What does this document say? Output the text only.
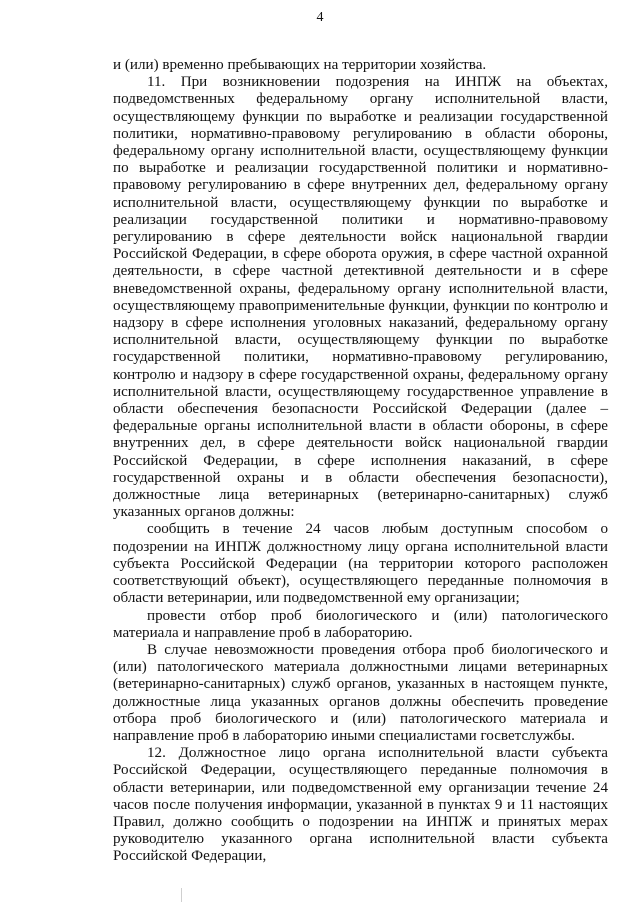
4

и (или) временно пребывающих на территории хозяйства.

11. При возникновении подозрения на ИНПЖ на объектах, подведомственных федеральному органу исполнительной власти, осуществляющему функции по выработке и реализации государственной политики, нормативно-правовому регулированию в области обороны, федеральному органу исполнительной власти, осуществляющему функции по выработке и реализации государственной политики и нормативно-правовому регулированию в сфере внутренних дел, федеральному органу исполнительной власти, осуществляющему функции по выработке и реализации государственной политики и нормативно-правовому регулированию в сфере деятельности войск национальной гвардии Российской Федерации, в сфере оборота оружия, в сфере частной охранной деятельности, в сфере частной детективной деятельности и в сфере вневедомственной охраны, федеральному органу исполнительной власти, осуществляющему правоприменительные функции, функции по контролю и надзору в сфере исполнения уголовных наказаний, федеральному органу исполнительной власти, осуществляющему функции по выработке государственной политики, нормативно-правовому регулированию, контролю и надзору в сфере государственной охраны, федеральному органу исполнительной власти, осуществляющему государственное управление в области обеспечения безопасности Российской Федерации (далее – федеральные органы исполнительной власти в области обороны, в сфере внутренних дел, в сфере деятельности войск национальной гвардии Российской Федерации, в сфере исполнения наказаний, в сфере государственной охраны и в области обеспечения безопасности), должностные лица ветеринарных (ветеринарно-санитарных) служб указанных органов должны:

сообщить в течение 24 часов любым доступным способом о подозрении на ИНПЖ должностному лицу органа исполнительной власти субъекта Российской Федерации (на территории которого расположен соответствующий объект), осуществляющего переданные полномочия в области ветеринарии, или подведомственной ему организации;

провести отбор проб биологического и (или) патологического материала и направление проб в лабораторию.

В случае невозможности проведения отбора проб биологического и (или) патологического материала должностными лицами ветеринарных (ветеринарно-санитарных) служб органов, указанных в настоящем пункте, должностные лица указанных органов должны обеспечить проведение отбора проб биологического и (или) патологического материала и направление проб в лабораторию иными специалистами госветслужбы.

12. Должностное лицо органа исполнительной власти субъекта Российской Федерации, осуществляющего переданные полномочия в области ветеринарии, или подведомственной ему организации течение 24 часов после получения информации, указанной в пунктах 9 и 11 настоящих Правил, должно сообщить о подозрении на ИНПЖ и принятых мерах руководителю указанного органа исполнительной власти субъекта Российской Федерации,
